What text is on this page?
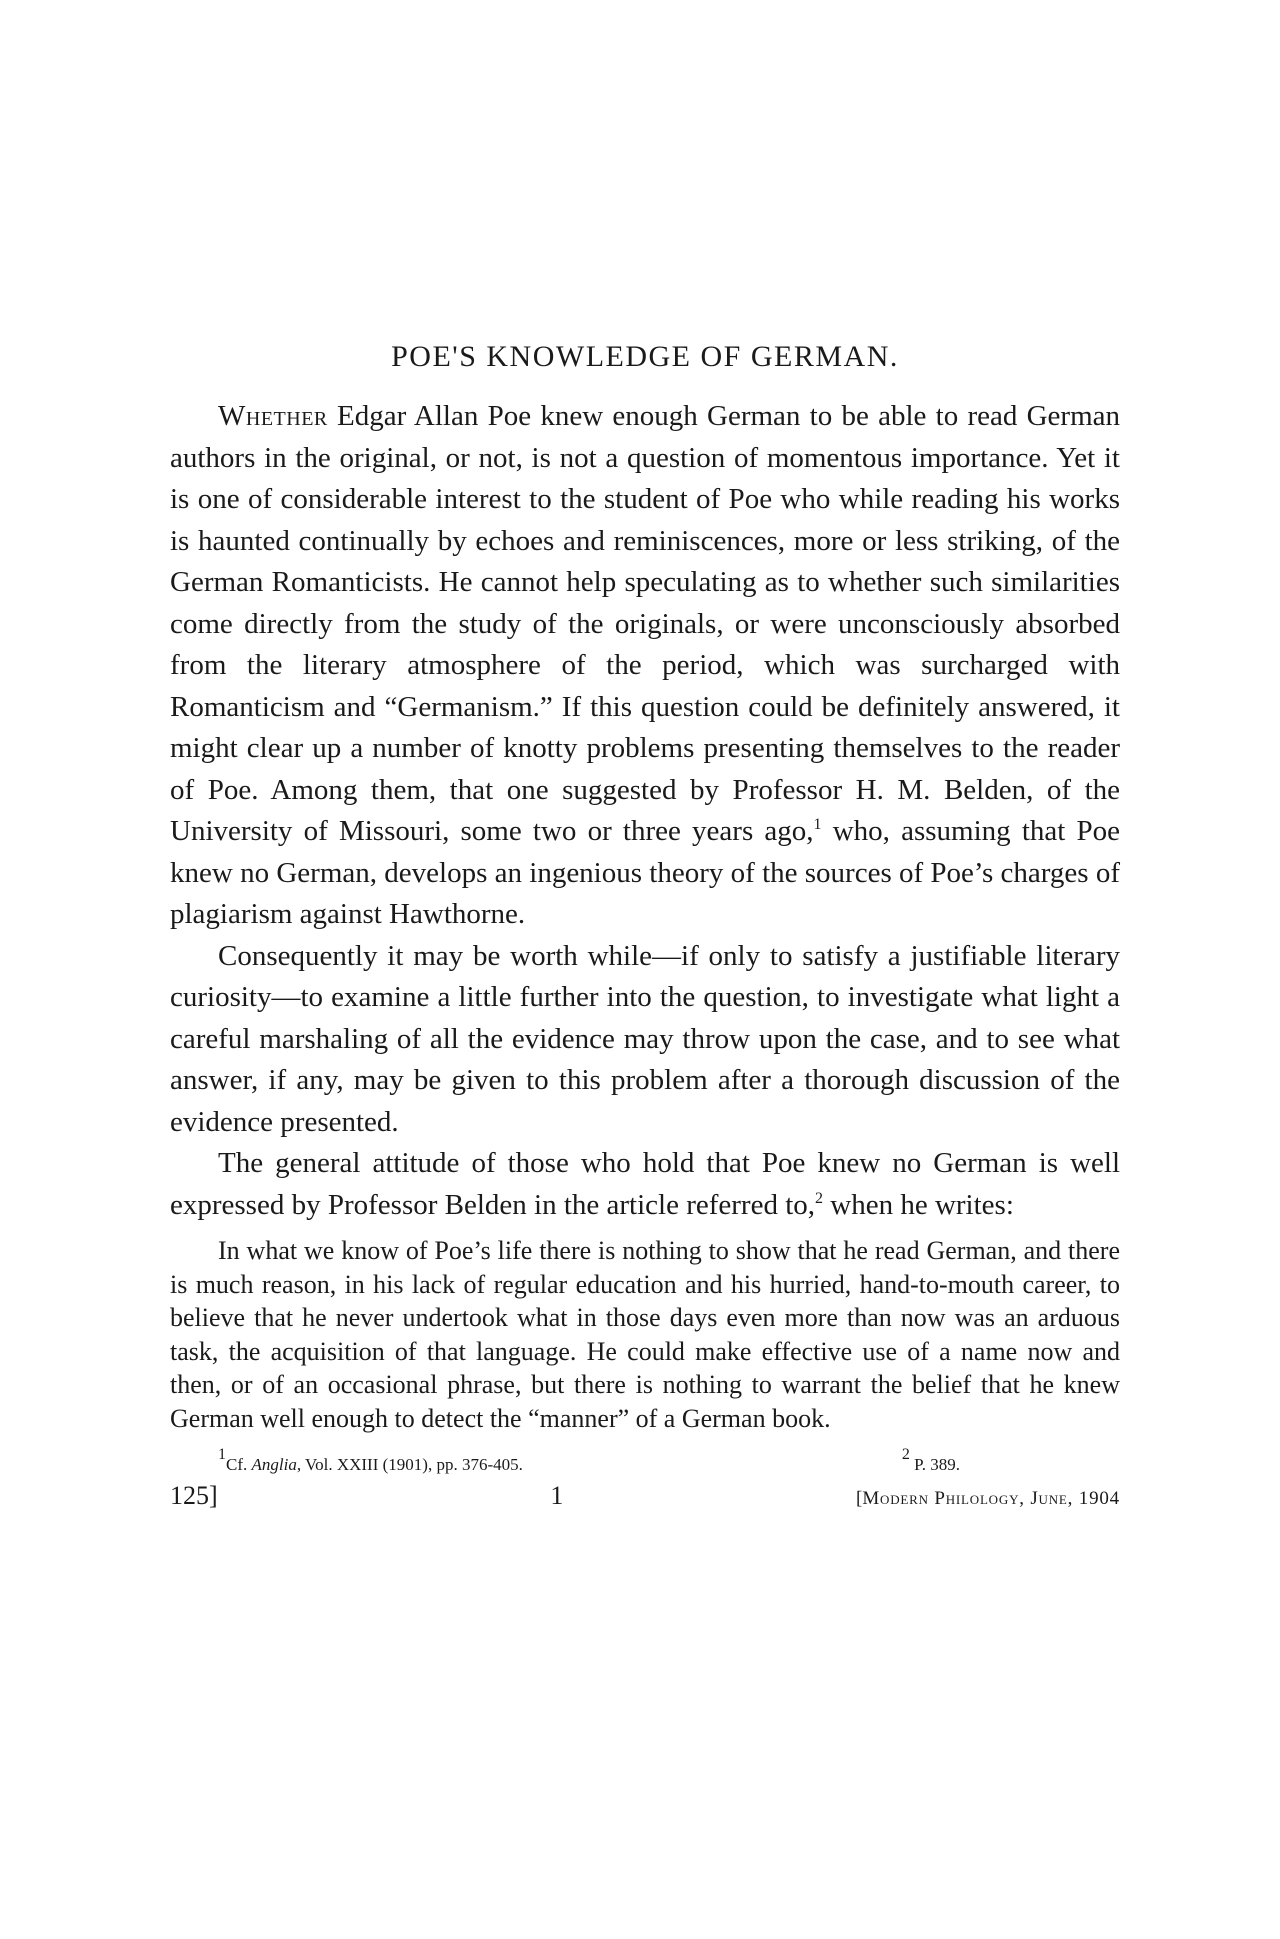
POE'S KNOWLEDGE OF GERMAN.

Whether Edgar Allan Poe knew enough German to be able to read German authors in the original, or not, is not a question of momentous importance. Yet it is one of considerable interest to the student of Poe who while reading his works is haunted continually by echoes and reminiscences, more or less striking, of the German Romanticists. He cannot help speculating as to whether such similarities come directly from the study of the originals, or were unconsciously absorbed from the literary atmosphere of the period, which was surcharged with Romanticism and “Germanism.” If this question could be definitely answered, it might clear up a number of knotty problems presenting themselves to the reader of Poe. Among them, that one suggested by Professor H. M. Belden, of the University of Missouri, some two or three years ago,$^1$ who, assuming that Poe knew no German, develops an ingenious theory of the sources of Poe’s charges of plagiarism against Hawthorne.

Consequently it may be worth while—if only to satisfy a justifiable literary curiosity—to examine a little further into the question, to investigate what light a careful marshaling of all the evidence may throw upon the case, and to see what answer, if any, may be given to this problem after a thorough discussion of the evidence presented.

The general attitude of those who hold that Poe knew no German is well expressed by Professor Belden in the article referred to,$^2$ when he writes:

In what we know of Poe’s life there is nothing to show that he read German, and there is much reason, in his lack of regular education and his hurried, hand-to-mouth career, to believe that he never undertook what in those days even more than now was an arduous task, the acquisition of that language. He could make effective use of a name now and then, or of an occasional phrase, but there is nothing to warrant the belief that he knew German well enough to detect the “manner” of a German book.

$^1$Cf. Anglia, Vol. XXIII (1901), pp. 376-405.
$^2$ P. 389.
125]	1	[Modern Philology, June, 1904
